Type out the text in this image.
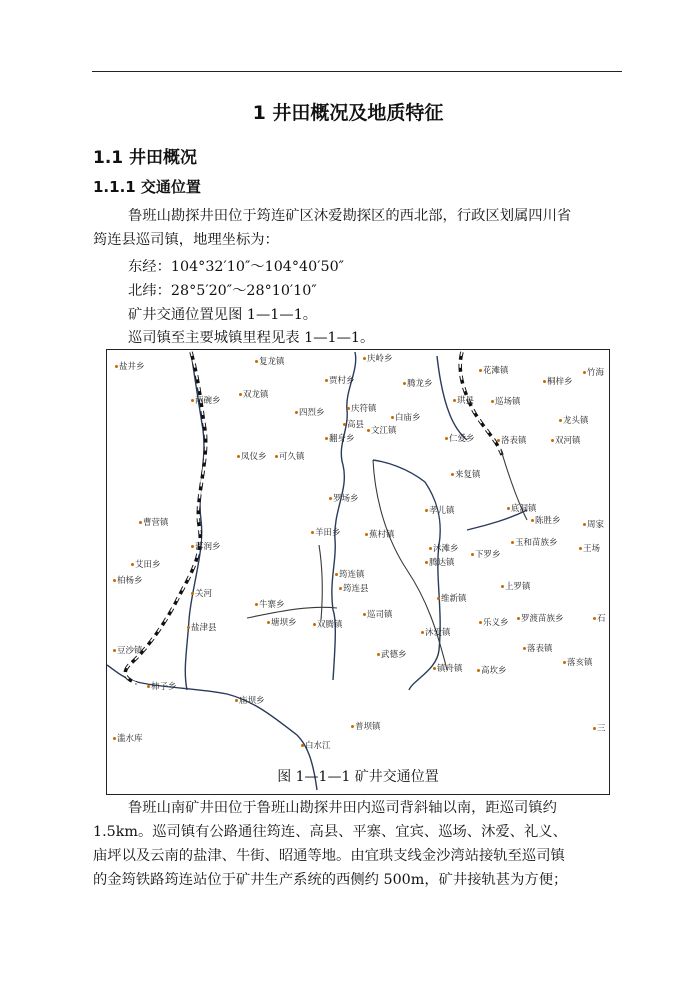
1 井田概况及地质特征
1.1 井田概况
1.1.1 交通位置
鲁班山勘探井田位于筠连矿区沐爱勘探区的西北部，行政区划属四川省
筠连县巡司镇，地理坐标为：
东经：104°32′10″～104°40′50″
北纬：28°5′20″～28°10′10″
矿井交通位置见图 1—1—1。
巡司镇至主要城镇里程见表 1—1—1。
盐井乡
两碗乡
复龙镇
双龙镇
庆岭乡
贾村乡	腾龙乡
花滩镇
桐梓乡
竹海
庆符镇
四烈乡	白庙乡
珙县	巡场镇
龙头镇
高县
文江镇
仁爱乡	洛表镇
凤仪乡	可久镇
翻身乡	双河镇
来复镇
曹营镇
罗场乡
孝儿镇	底洞镇
周家
羊田乡
落润乡
陈胜乡
玉和苗族乡
王场
蕉村镇
沐滩乡
下罗乡
艾田乡	腾达镇
上罗镇
关河
筠连镇
筠连县
柏杨乡
牛寨乡
塘坝乡	双腾镇
巡司镇
维新镇
乐义乡	罗渡苗族乡	石
盐津县	沐爱镇
落亥镇
豆沙镇	武德乡
镇舟镇	高坎乡
落表镇
柿子乡
庙坝乡
普坝镇
白水江
滥水库
三
图 1—1—1 矿井交通位置
鲁班山南矿井田位于鲁班山勘探井田内巡司背斜轴以南，距巡司镇约
1.5km。巡司镇有公路通往筠连、高县、平寨、宜宾、巡场、沐爱、礼义、
庙坪以及云南的盐津、牛街、昭通等地。由宜珙支线金沙湾站接轨至巡司镇
的金筠铁路筠连站位于矿井生产系统的西侧约 500m，矿井接轨甚为方便；
